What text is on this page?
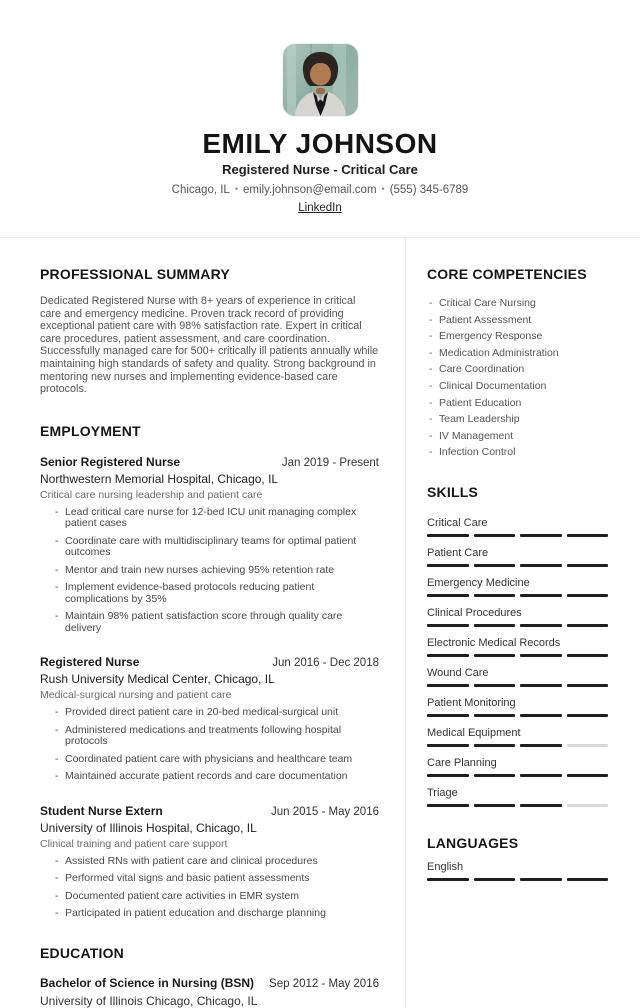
EMILY JOHNSON
Registered Nurse - Critical Care
Chicago, IL • emily.johnson@email.com • (555) 345-6789
LinkedIn
PROFESSIONAL SUMMARY
Dedicated Registered Nurse with 8+ years of experience in critical care and emergency medicine. Proven track record of providing exceptional patient care with 98% satisfaction rate. Expert in critical care procedures, patient assessment, and care coordination. Successfully managed care for 500+ critically ill patients annually while maintaining high standards of safety and quality. Strong background in mentoring new nurses and implementing evidence-based care protocols.
EMPLOYMENT
Senior Registered Nurse	Jan 2019 - Present
Northwestern Memorial Hospital, Chicago, IL
Critical care nursing leadership and patient care
- Lead critical care nurse for 12-bed ICU unit managing complex patient cases
- Coordinate care with multidisciplinary teams for optimal patient outcomes
- Mentor and train new nurses achieving 95% retention rate
- Implement evidence-based protocols reducing patient complications by 35%
- Maintain 98% patient satisfaction score through quality care delivery
Registered Nurse	Jun 2016 - Dec 2018
Rush University Medical Center, Chicago, IL
Medical-surgical nursing and patient care
- Provided direct patient care in 20-bed medical-surgical unit
- Administered medications and treatments following hospital protocols
- Coordinated patient care with physicians and healthcare team
- Maintained accurate patient records and care documentation
Student Nurse Extern	Jun 2015 - May 2016
University of Illinois Hospital, Chicago, IL
Clinical training and patient care support
- Assisted RNs with patient care and clinical procedures
- Performed vital signs and basic patient assessments
- Documented patient care activities in EMR system
- Participated in patient education and discharge planning
EDUCATION
Bachelor of Science in Nursing (BSN) Sep 2012 - May 2016
University of Illinois Chicago, Chicago, IL
CORE COMPETENCIES
- Critical Care Nursing
- Patient Assessment
- Emergency Response
- Medication Administration
- Care Coordination
- Clinical Documentation
- Patient Education
- Team Leadership
- IV Management
- Infection Control
SKILLS
Critical Care
Patient Care
Emergency Medicine
Clinical Procedures
Electronic Medical Records
Wound Care
Patient Monitoring
Medical Equipment
Care Planning
Triage
LANGUAGES
English
